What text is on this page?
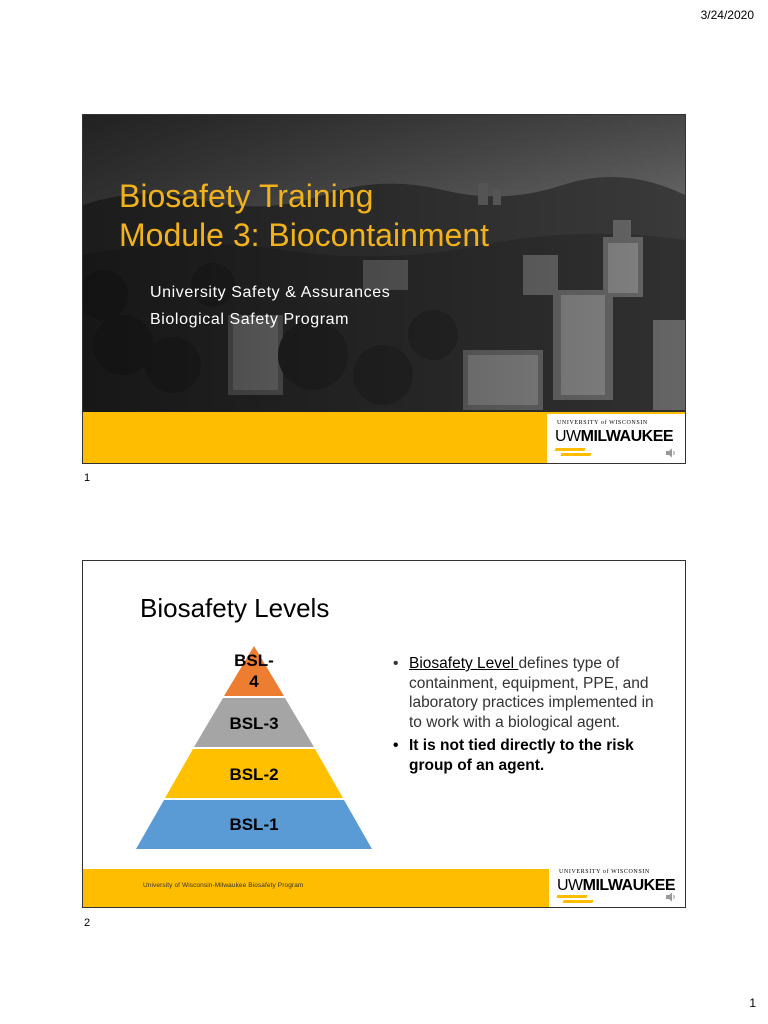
3/24/2020
Biosafety Training
Module 3: Biocontainment
University Safety & Assurances
Biological Safety Program
UNIVERSITY of WISCONSIN
UWMILWAUKEE
1
Biosafety Levels
BSL-
4
BSL-3
BSL-2
BSL-1
• Biosafety Level defines type of containment, equipment, PPE, and laboratory practices implemented in to work with a biological agent.
• It is not tied directly to the risk group of an agent.
University of Wisconsin-Milwaukee Biosafety Program
UNIVERSITY of WISCONSIN
UWMILWAUKEE
2
1
